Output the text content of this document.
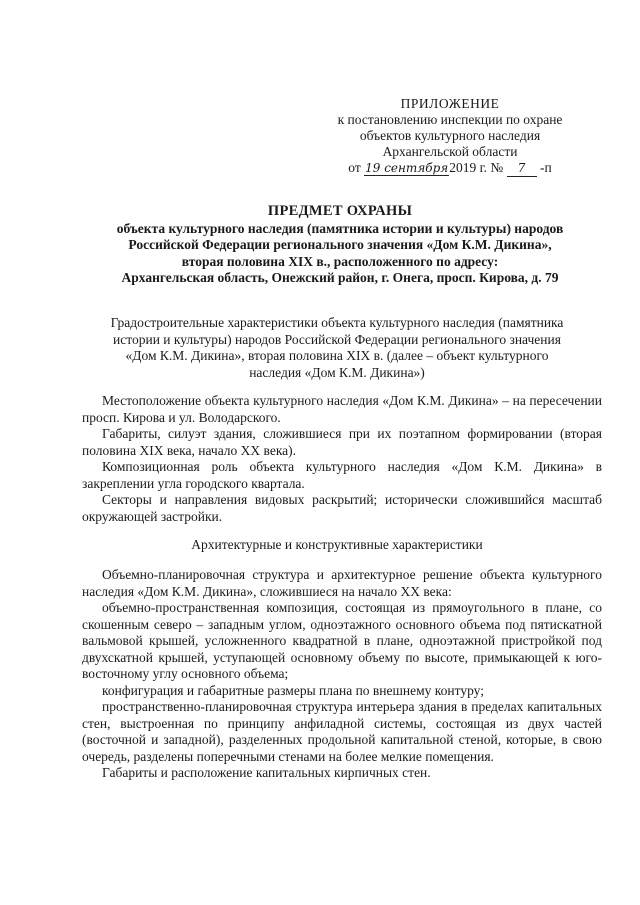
ПРИЛОЖЕНИЕ
к постановлению инспекции по охране
объектов культурного наследия
Архангельской области
от 19 сентября2019 г. № 7 -п
ПРЕДМЕТ ОХРАНЫ
объекта культурного наследия (памятника истории и культуры) народов
Российской Федерации регионального значения «Дом К.М. Дикина»,
вторая половина XIX в., расположенного по адресу:
Архангельская область, Онежский район, г. Онега, просп. Кирова, д. 79
Градостроительные характеристики объекта культурного наследия (памятника
истории и культуры) народов Российской Федерации регионального значения
«Дом К.М. Дикина», вторая половина XIX в. (далее – объект культурного
наследия «Дом К.М. Дикина»)

Местоположение объекта культурного наследия «Дом К.М. Дикина» – на пересечении просп. Кирова и ул. Володарского.

Габариты, силуэт здания, сложившиеся при их поэтапном формировании (вторая половина XIX века, начало XX века).

Композиционная роль объекта культурного наследия «Дом К.М. Дикина» в закреплении угла городского квартала.

Секторы и направления видовых раскрытий; исторически сложившийся масштаб окружающей застройки.

Архитектурные и конструктивные характеристики

Объемно-планировочная структура и архитектурное решение объекта культурного наследия «Дом К.М. Дикина», сложившиеся на начало XX века:

объемно-пространственная композиция, состоящая из прямоугольного в плане, со скошенным северо – западным углом, одноэтажного основного объема под пятискатной вальмовой крышей, усложненного квадратной в плане, одноэтажной пристройкой под двухскатной крышей, уступающей основному объему по высоте, примыкающей к юго-восточному углу основного объема;

конфигурация и габаритные размеры плана по внешнему контуру;

пространственно-планировочная структура интерьера здания в пределах капитальных стен, выстроенная по принципу анфиладной системы, состоящая из двух частей (восточной и западной), разделенных продольной капитальной стеной, которые, в свою очередь, разделены поперечными стенами на более мелкие помещения.

Габариты и расположение капитальных кирпичных стен.
